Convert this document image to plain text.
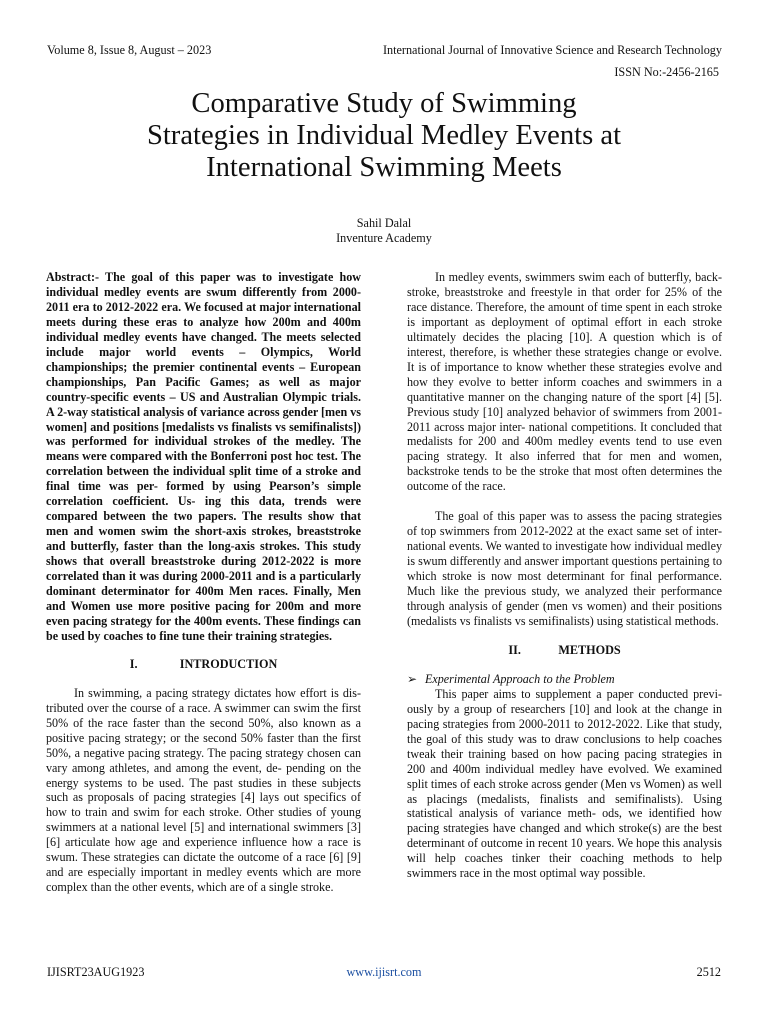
Volume 8, Issue 8, August – 2023	International Journal of Innovative Science and Research Technology
ISSN No:-2456-2165
Comparative Study of Swimming
Strategies in Individual Medley Events at
International Swimming Meets
Sahil Dalal
Inventure Academy

Abstract:- The goal of this paper was to investigate how individual medley events are swum differently from 2000-2011 era to 2012-2022 era. We focused at major international meets during these eras to analyze how 200m and 400m individual medley events have changed. The meets selected include major world events – Olympics, World championships; the premier continental events – European championships, Pan Pacific Games; as well as major country-specific events – US and Australian Olympic trials. A 2-way statistical analysis of variance across gender [men vs women] and positions [medalists vs finalists vs semifinalists]) was performed for individual strokes of the medley. The means were compared with the Bonferroni post hoc test. The correlation between the individual split time of a stroke and final time was per- formed by using Pearson’s simple correlation coefficient. Us- ing this data, trends were compared between the two papers. The results show that men and women swim the short-axis strokes, breaststroke and butterfly, faster than the long-axis strokes. This study shows that overall breaststroke during 2012-2022 is more correlated than it was during 2000-2011 and is a particularly dominant determinator for 400m Men races. Finally, Men and Women use more positive pacing for 200m and more even pacing strategy for the 400m events. These findings can be used by coaches to fine tune their training strategies.

I.	INTRODUCTION

In swimming, a pacing strategy dictates how effort is dis- tributed over the course of a race. A swimmer can swim the first 50% of the race faster than the second 50%, also known as a positive pacing strategy; or the second 50% faster than the first 50%, a negative pacing strategy. The pacing strategy chosen can vary among athletes, and among the event, de- pending on the energy systems to be used. The past studies in these subjects such as proposals of pacing strategies [4] lays out specifics of how to train and swim for each stroke. Other studies of young swimmers at a national level [5] and international swimmers [3] [6] articulate how age and experience influence how a race is swum. These strategies can dictate the outcome of a race [6] [9] and are especially important in medley events which are more complex than the other events, which are of a single stroke.

In medley events, swimmers swim each of butterfly, back- stroke, breaststroke and freestyle in that order for 25% of the race distance. Therefore, the amount of time spent in each stroke is important as deployment of optimal effort in each stroke ultimately decides the placing [10]. A question which is of interest, therefore, is whether these strategies change or evolve. It is of importance to know whether these strategies evolve and how they evolve to better inform coaches and swimmers in a quantitative manner on the changing nature of the sport [4] [5]. Previous study [10] analyzed behavior of swimmers from 2001-2011 across major inter- national competitions. It concluded that medalists for 200 and 400m medley events tend to use even pacing strategy. It also inferred that for men and women, backstroke tends to be the stroke that most often determines the outcome of the race.

The goal of this paper was to assess the pacing strategies of top swimmers from 2012-2022 at the exact same set of inter- national events. We wanted to investigate how individual medley is swum differently and answer important questions pertaining to which stroke is now most determinant for final performance. Much like the previous study, we analyzed their performance through analysis of gender (men vs women) and their positions (medalists vs finalists vs semifinalists) using statistical methods.

II.	METHODS

➢ Experimental Approach to the Problem

This paper aims to supplement a paper conducted previ- ously by a group of researchers [10] and look at the change in pacing strategies from 2000-2011 to 2012-2022. Like that study, the goal of this study was to draw conclusions to help coaches tweak their training based on how pacing pacing strategies in 200 and 400m individual medley have evolved. We examined split times of each stroke across gender (Men vs Women) as well as placings (medalists, finalists and semifinalists). Using statistical analysis of variance meth- ods, we identified how pacing strategies have changed and which stroke(s) are the best determinant of outcome in recent 10 years. We hope this analysis will help coaches tinker their coaching methods to help swimmers race in the most optimal way possible.

IJISRT23AUG1923	www.ijisrt.com	2512
